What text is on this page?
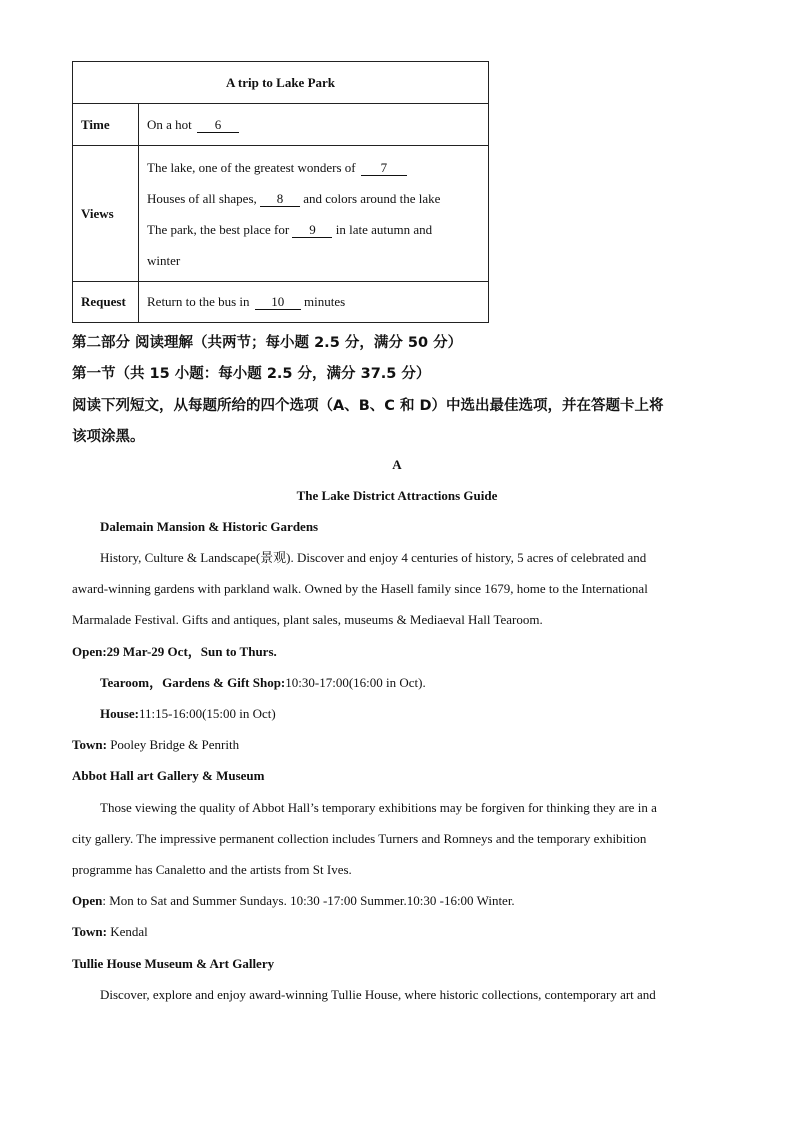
A trip to Lake Park	
Time	On a hot 6
Views	The lake, one of the greatest wonders of 7
Houses of all shapes, 8 and colors around the lake
The park, the best place for 9 in late autumn and
winter

Request	Return to the bus in 10 minutes
第二部分 阅读理解（共两节；每小题 2.5 分，满分 50 分）
第一节（共 15 小题：每小题 2.5 分，满分 37.5 分）
阅读下列短文，从每题所给的四个选项（A、B、C 和 D）中选出最佳选项，并在答题卡上将
该项涂黑。
A
The Lake District Attractions Guide
Dalemain Mansion & Historic Gardens
History, Culture & Landscape(景观). Discover and enjoy 4 centuries of history, 5 acres of celebrated and
award-winning gardens with parkland walk. Owned by the Hasell family since 1679, home to the International
Marmalade Festival. Gifts and antiques, plant sales, museums & Mediaeval Hall Tearoom.
Open:29 Mar-29 Oct，Sun to Thurs.
Tearoom，Gardens & Gift Shop:10:30-17:00(16:00 in Oct).
House:11:15-16:00(15:00 in Oct)
Town: Pooley Bridge & Penrith
Abbot Hall art Gallery & Museum
Those viewing the quality of Abbot Hall’s temporary exhibitions may be forgiven for thinking they are in a
city gallery. The impressive permanent collection includes Turners and Romneys and the temporary exhibition
programme has Canaletto and the artists from St Ives.
Open: Mon to Sat and Summer Sundays. 10:30 -17:00 Summer.10:30 -16:00 Winter.
Town: Kendal
Tullie House Museum & Art Gallery
Discover, explore and enjoy award-winning Tullie House, where historic collections, contemporary art and
